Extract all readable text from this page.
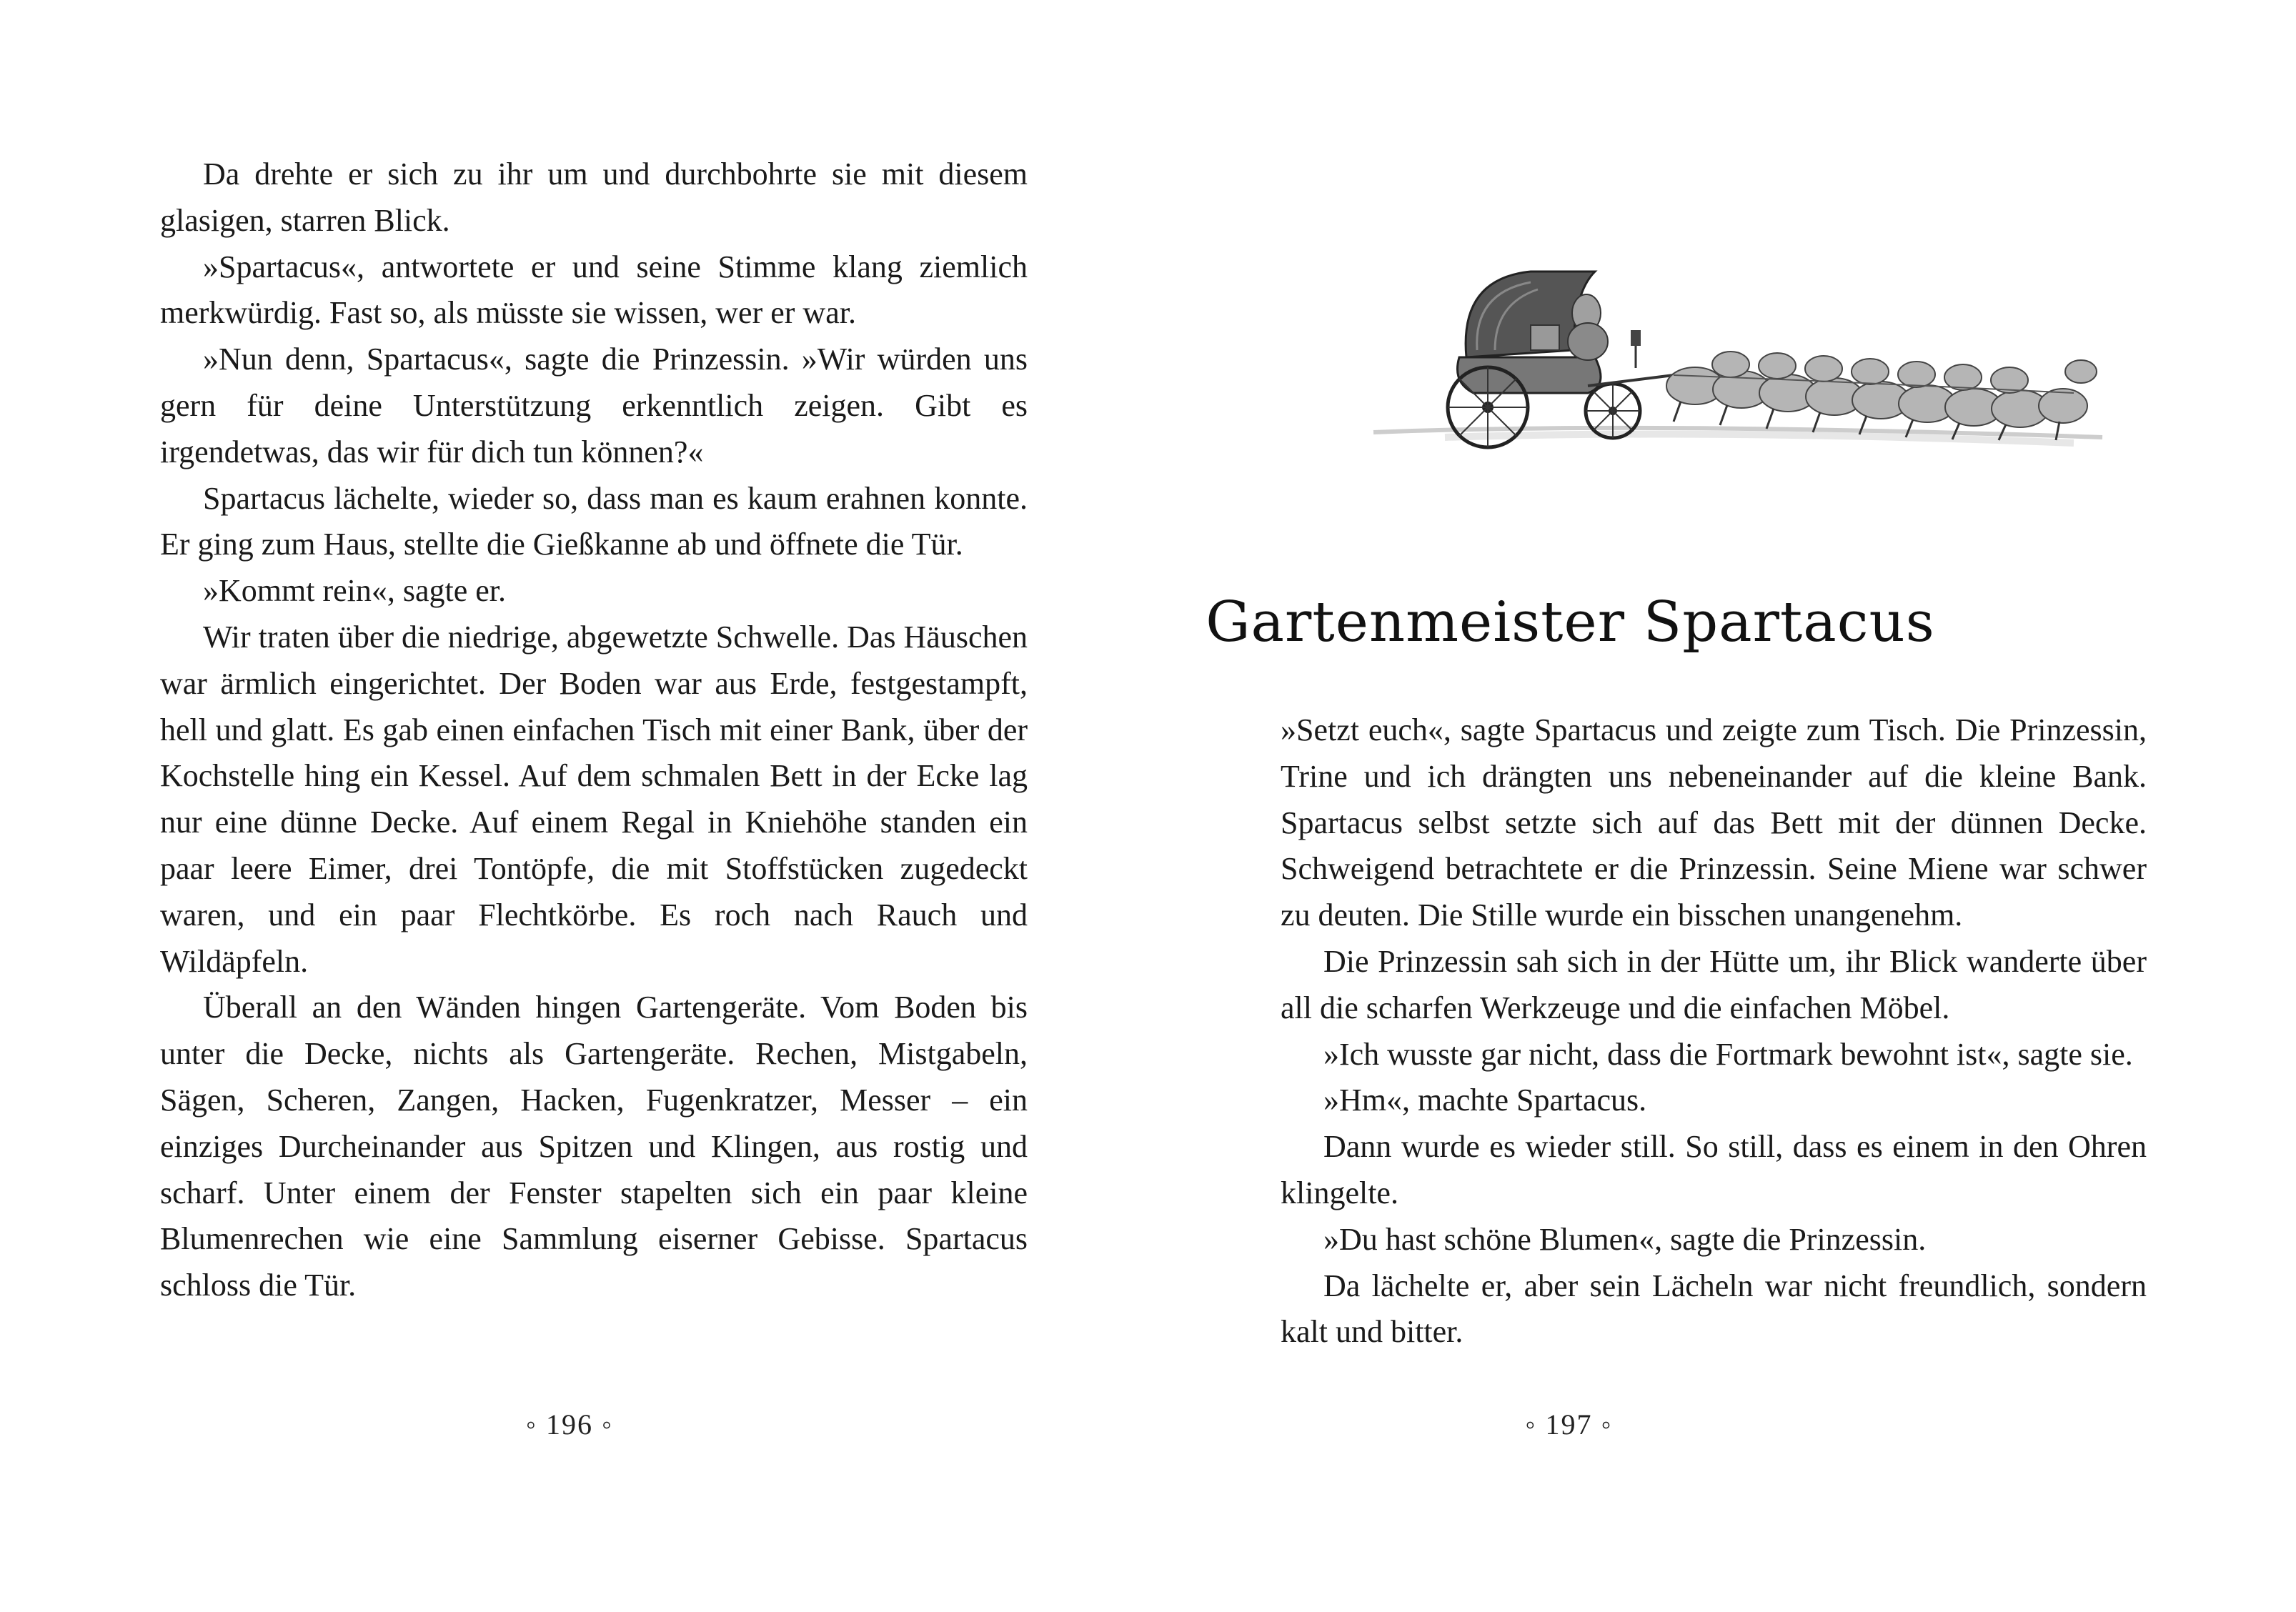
Da drehte er sich zu ihr um und durchbohrte sie mit diesem glasigen, starren Blick.

»Spartacus«, antwortete er und seine Stimme klang ziemlich merkwürdig. Fast so, als müsste sie wissen, wer er war.

»Nun denn, Spartacus«, sagte die Prinzessin. »Wir würden uns gern für deine Unterstützung erkenntlich zeigen. Gibt es irgendetwas, das wir für dich tun können?«

Spartacus lächelte, wieder so, dass man es kaum erahnen konnte. Er ging zum Haus, stellte die Gießkanne ab und öffnete die Tür.

»Kommt rein«, sagte er.

Wir traten über die niedrige, abgewetzte Schwelle. Das Häuschen war ärmlich eingerichtet. Der Boden war aus Erde, festgestampft, hell und glatt. Es gab einen einfachen Tisch mit einer Bank, über der Kochstelle hing ein Kessel. Auf dem schmalen Bett in der Ecke lag nur eine dünne Decke. Auf einem Regal in Kniehöhe standen ein paar leere Eimer, drei Tontöpfe, die mit Stoffstücken zugedeckt waren, und ein paar Flechtkörbe. Es roch nach Rauch und Wildäpfeln.

Überall an den Wänden hingen Gartengeräte. Vom Boden bis unter die Decke, nichts als Gartengeräte. Rechen, Mistgabeln, Sägen, Scheren, Zangen, Hacken, Fugenkratzer, Messer – ein einziges Durcheinander aus Spitzen und Klingen, aus rostig und scharf. Unter einem der Fenster stapelten sich ein paar kleine Blumenrechen wie eine Sammlung eiserner Gebisse. Spartacus schloss die Tür.

◦ 196 ◦
Gartenmeister Spartacus

»Setzt euch«, sagte Spartacus und zeigte zum Tisch. Die Prinzessin, Trine und ich drängten uns nebeneinander auf die kleine Bank. Spartacus selbst setzte sich auf das Bett mit der dünnen Decke. Schweigend betrachtete er die Prinzessin. Seine Miene war schwer zu deuten. Die Stille wurde ein bisschen unangenehm.

Die Prinzessin sah sich in der Hütte um, ihr Blick wanderte über all die scharfen Werkzeuge und die einfachen Möbel.

»Ich wusste gar nicht, dass die Fortmark bewohnt ist«, sagte sie.

»Hm«, machte Spartacus.

Dann wurde es wieder still. So still, dass es einem in den Ohren klingelte.

»Du hast schöne Blumen«, sagte die Prinzessin.

Da lächelte er, aber sein Lächeln war nicht freundlich, sondern kalt und bitter.

◦ 197 ◦
